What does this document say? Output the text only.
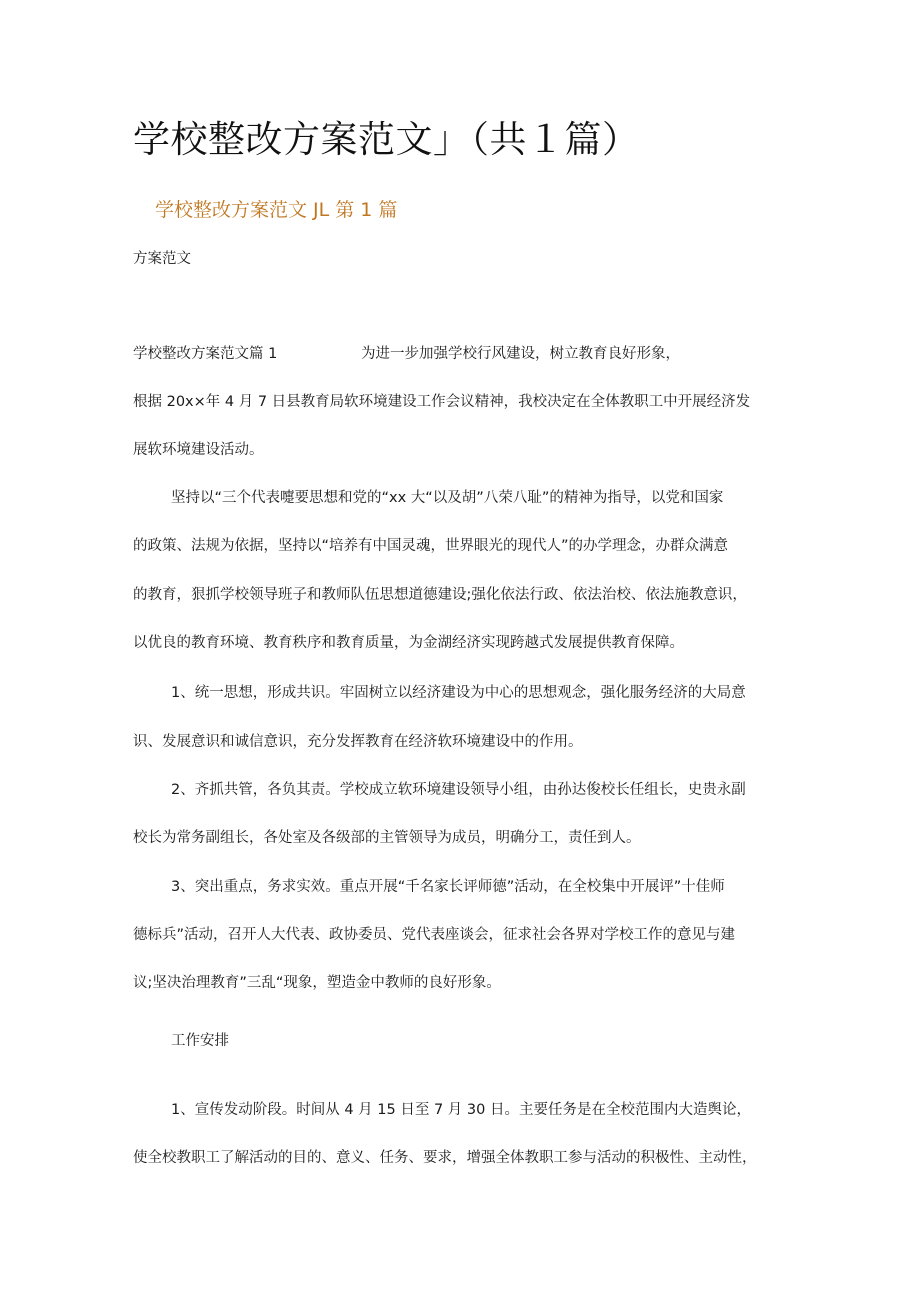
学校整改方案范文」（共１篇）
学校整改方案范文 JL 第 1 篇
方案范文
学校整改方案范文篇 1	为进一步加强学校行风建设，树立教育良好形象，
根据 20x×年 4 月 7 日县教育局软环境建设工作会议精神，我校决定在全体教职工中开展经济发
展软环境建设活动。
坚持以“三个代表嚏要思想和党的“xx 大“以及胡”八荣八耻”的精神为指导，以党和国家
的政策、法规为依据，坚持以“培养有中国灵魂，世界眼光的现代人”的办学理念，办群众满意
的教育，狠抓学校领导班子和教师队伍思想道德建设;强化依法行政、依法治校、依法施教意识，
以优良的教育环境、教育秩序和教育质量，为金湖经济实现跨越式发展提供教育保障。
1、统一思想，形成共识。牢固树立以经济建设为中心的思想观念，强化服务经济的大局意
识、发展意识和诚信意识，充分发挥教育在经济软环境建设中的作用。
2、齐抓共管，各负其责。学校成立软环境建设领导小组，由孙达俊校长任组长，史贵永副
校长为常务副组长，各处室及各级部的主管领导为成员，明确分工，责任到人。
3、突出重点，务求实效。重点开展“千名家长评师德”活动，在全校集中开展评”十佳师
德标兵”活动，召开人大代表、政协委员、党代表座谈会，征求社会各界对学校工作的意见与建
议;坚决治理教育”三乱“现象，塑造金中教师的良好形象。
工作安排
1、宣传发动阶段。时间从 4 月 15 日至 7 月 30 日。主要任务是在全校范围内大造舆论，
使全校教职工了解活动的目的、意义、任务、要求，增强全体教职工参与活动的积极性、主动性，
